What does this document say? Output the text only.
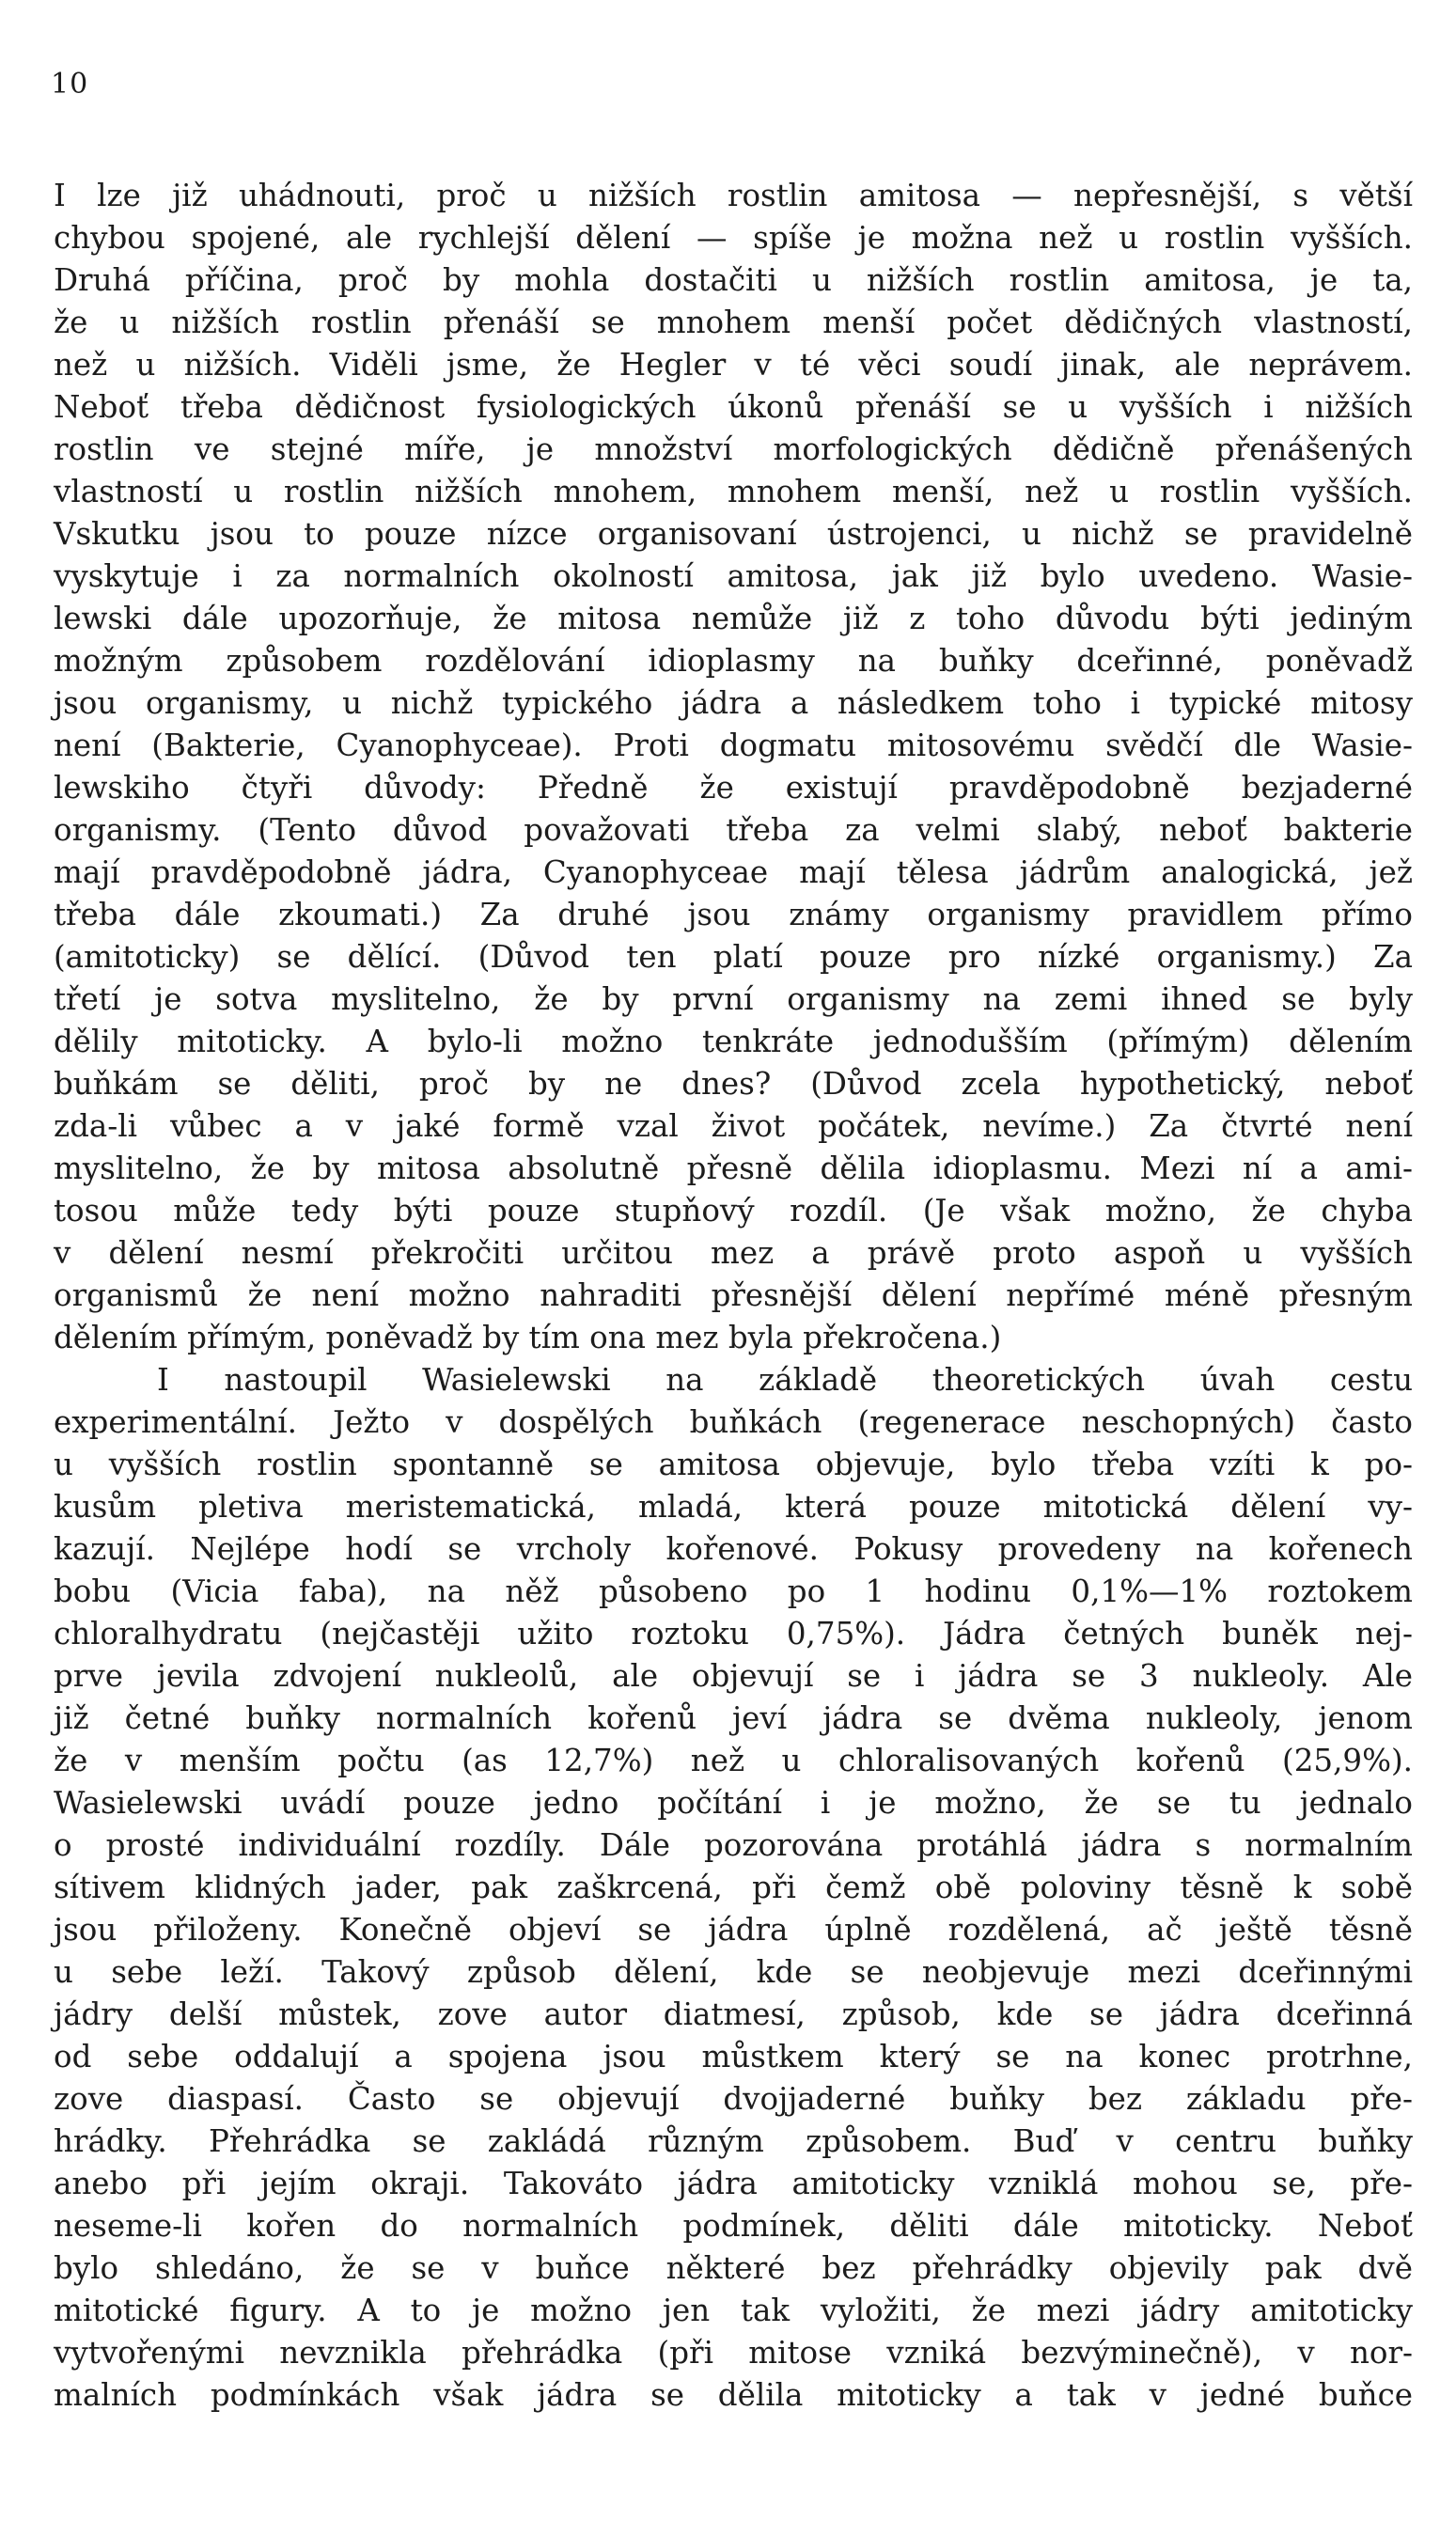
10
I lze již uhádnouti, proč u nižších rostlin amitosa — nepřesnější, s větší
chybou spojené, ale rychlejší dělení — spíše je možna než u rostlin vyšších.
Druhá příčina, proč by mohla dostačiti u nižších rostlin amitosa, je ta,
že u nižších rostlin přenáší se mnohem menší počet dědičných vlastností,
než u nižších. Viděli jsme, že Hegler v té věci soudí jinak, ale neprávem.
Neboť třeba dědičnost fysiologických úkonů přenáší se u vyšších i nižších
rostlin ve stejné míře, je množství morfologických dědičně přenášených
vlastností u rostlin nižších mnohem, mnohem menší, než u rostlin vyšších.
Vskutku jsou to pouze nízce organisovaní ústrojenci, u nichž se pravidelně
vyskytuje i za normalních okolností amitosa, jak již bylo uvedeno. Wasie-
lewski dále upozorňuje, že mitosa nemůže již z toho důvodu býti jediným
možným způsobem rozdělování idioplasmy na buňky dceřinné, poněvadž
jsou organismy, u nichž typického jádra a následkem toho i typické mitosy
není (Bakterie, Cyanophyceae). Proti dogmatu mitosovému svědčí dle Wasie-
lewskiho čtyři důvody: Předně že existují pravděpodobně bezjaderné
organismy. (Tento důvod považovati třeba za velmi slabý, neboť bakterie
mají pravděpodobně jádra, Cyanophyceae mají tělesa jádrům analogická, jež
třeba dále zkoumati.) Za druhé jsou známy organismy pravidlem přímo
(amitoticky) se dělící. (Důvod ten platí pouze pro nízké organismy.) Za
třetí je sotva myslitelno, že by první organismy na zemi ihned se byly
dělily mitoticky. A bylo-li možno tenkráte jednodušším (přímým) dělením
buňkám se děliti, proč by ne dnes? (Důvod zcela hypothetický, neboť
zda-li vůbec a v jaké formě vzal život počátek, nevíme.) Za čtvrté není
myslitelno, že by mitosa absolutně přesně dělila idioplasmu. Mezi ní a ami-
tosou může tedy býti pouze stupňový rozdíl. (Je však možno, že chyba
v dělení nesmí překročiti určitou mez a právě proto aspoň u vyšších
organismů že není možno nahraditi přesnější dělení nepřímé méně přesným
dělením přímým, poněvadž by tím ona mez byla překročena.)
I nastoupil Wasielewski na základě theoretických úvah cestu
experimentální. Ježto v dospělých buňkách (regenerace neschopných) často
u vyšších rostlin spontanně se amitosa objevuje, bylo třeba vzíti k po-
kusům pletiva meristematická, mladá, která pouze mitotická dělení vy-
kazují. Nejlépe hodí se vrcholy kořenové. Pokusy provedeny na kořenech
bobu (Vicia faba), na něž působeno po 1 hodinu 0,1%—1% roztokem
chloralhydratu (nejčastěji užito roztoku 0,75%). Jádra četných buněk nej-
prve jevila zdvojení nukleolů, ale objevují se i jádra se 3 nukleoly. Ale
již četné buňky normalních kořenů jeví jádra se dvěma nukleoly, jenom
že v menším počtu (as 12,7%) než u chloralisovaných kořenů (25,9%).
Wasielewski uvádí pouze jedno počítání i je možno, že se tu jednalo
o prosté individuální rozdíly. Dále pozorována protáhlá jádra s normalním
sítivem klidných jader, pak zaškrcená, při čemž obě poloviny těsně k sobě
jsou přiloženy. Konečně objeví se jádra úplně rozdělená, ač ještě těsně
u sebe leží. Takový způsob dělení, kde se neobjevuje mezi dceřinnými
jádry delší můstek, zove autor diatmesí, způsob, kde se jádra dceřinná
od sebe oddalují a spojena jsou můstkem který se na konec protrhne,
zove diaspasí. Často se objevují dvojjaderné buňky bez základu pře-
hrádky. Přehrádka se zakládá různým způsobem. Buď v centru buňky
anebo při jejím okraji. Takováto jádra amitoticky vzniklá mohou se, pře-
neseme-li kořen do normalních podmínek, děliti dále mitoticky. Neboť
bylo shledáno, že se v buňce některé bez přehrádky objevily pak dvě
mitotické figury. A to je možno jen tak vyložiti, že mezi jádry amitoticky
vytvořenými nevznikla přehrádka (při mitose vzniká bezvýminečně), v nor-
malních podmínkách však jádra se dělila mitoticky a tak v jedné buňce
